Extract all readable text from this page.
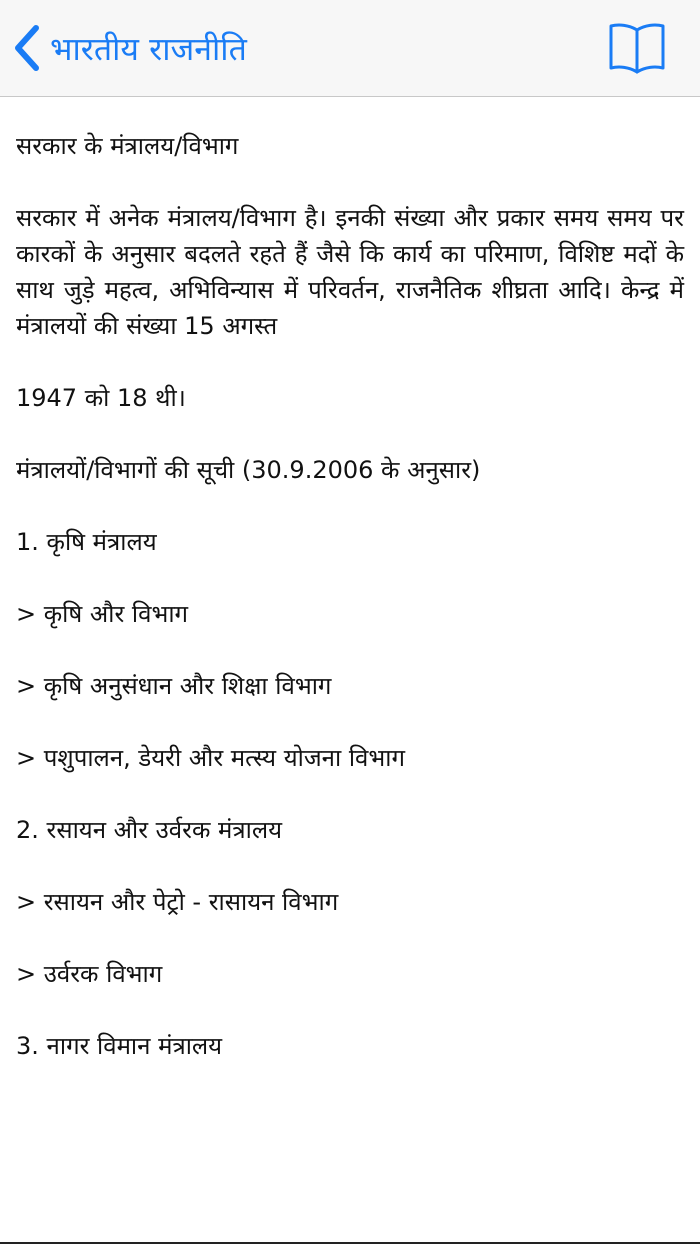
भारतीय राजनीति

सरकार के मंत्रालय/विभाग

सरकार में अनेक मंत्रालय/विभाग है। इनकी संख्या और प्रकार समय समय पर कारकों के अनुसार बदलते रहते हैं जैसे कि कार्य का परिमाण, विशिष्ट मदों के साथ जुड़े महत्व, अभिविन्यास में परिवर्तन, राजनैतिक शीघ्रता आदि। केन्द्र में मंत्रालयों की संख्या 15 अगस्त

1947 को 18 थी।

मंत्रालयों/विभागों की सूची (30.9.2006 के अनुसार)

1. कृषि मंत्रालय

> कृषि और विभाग

> कृषि अनुसंधान और शिक्षा विभाग

> पशुपालन, डेयरी और मत्स्य योजना विभाग

2. रसायन और उर्वरक मंत्रालय

> रसायन और पेट्रो - रासायन विभाग

> उर्वरक विभाग

3. नागर विमान मंत्रालय
